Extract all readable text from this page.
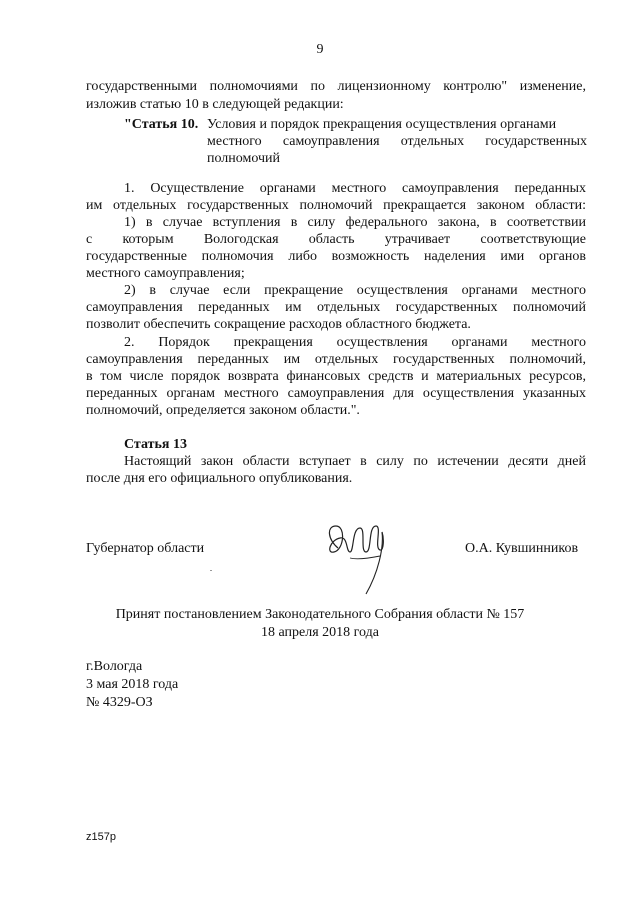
9
государственными полномочиями по лицензионному контролю" изменение,
изложив статью 10 в следующей редакции:
"Статья 10. Условия и порядок прекращения осуществления органами
местного самоуправления отдельных государственных
полномочий
1. Осуществление органами местного самоуправления переданных
им отдельных государственных полномочий прекращается законом области:
1) в случае вступления в силу федерального закона, в соответствии
с которым Вологодская область утрачивает соответствующие
государственные полномочия либо возможность наделения ими органов
местного самоуправления;
2) в случае если прекращение осуществления органами местного
самоуправления переданных им отдельных государственных полномочий
позволит обеспечить сокращение расходов областного бюджета.
2. Порядок прекращения осуществления органами местного
самоуправления переданных им отдельных государственных полномочий,
в том числе порядок возврата финансовых средств и материальных ресурсов,
переданных органам местного самоуправления для осуществления указанных
полномочий, определяется законом области.".
Статья 13
Настоящий закон области вступает в силу по истечении десяти дней
после дня его официального опубликования.
Губернатор области	О.А. Кувшинников
Принят постановлением Законодательного Собрания области № 157
18 апреля 2018 года
г.Вологда
3 мая 2018 года
№ 4329-ОЗ
z157p
